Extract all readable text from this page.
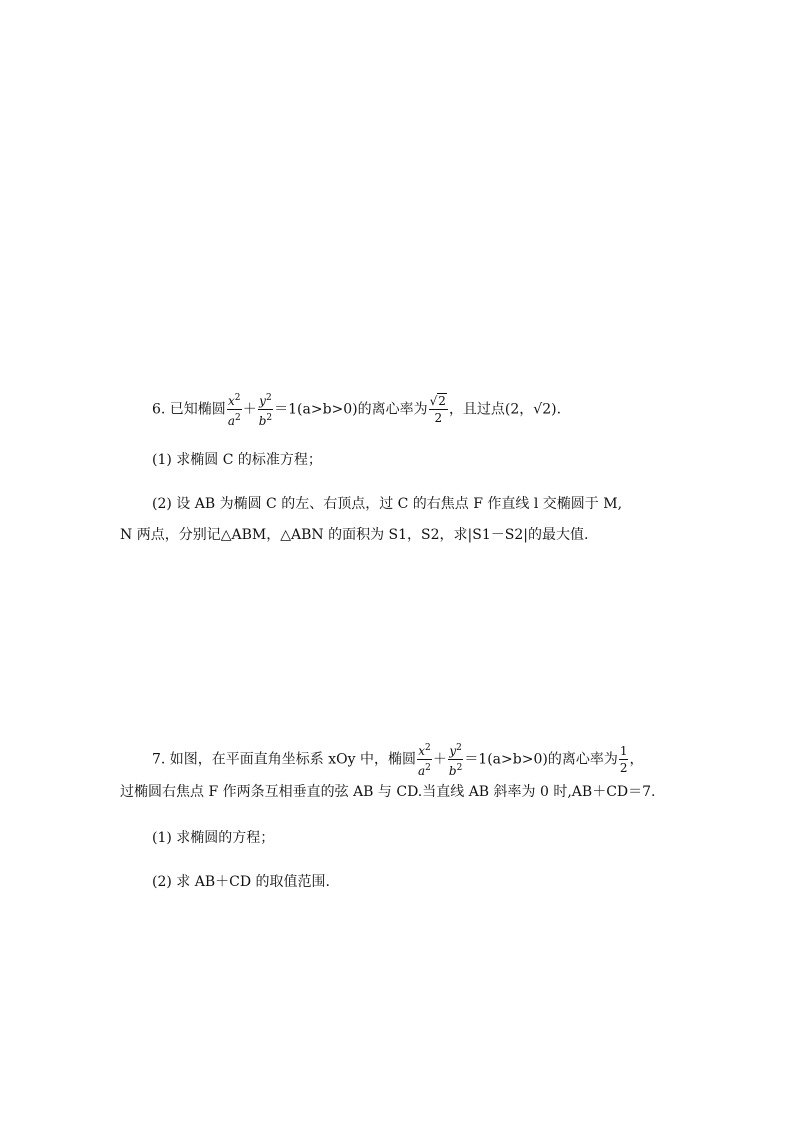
6. 已知椭圆 $\frac{x^2}{a^2} + \frac{y^2}{b^2} =1(a>b>0)$的离心率为 $\frac{√2}{2}$ ，且过点(2，√2).
(1) 求椭圆 C 的标准方程；
(2) 设 AB 为椭圆 C 的左、右顶点，过 C 的右焦点 F 作直线 l 交椭圆于 M,
N 两点，分别记△ABM，△ABN 的面积为 S1，S2，求|S1－S2|的最大值.
7. 如图，在平面直角坐标系 xOy 中，椭圆 $\frac{x^2}{a^2} + \frac{y^2}{b^2} =1(a>b>0)$的离心率为 $\frac{1}{2}$ ，
过椭圆右焦点 F 作两条互相垂直的弦 AB 与 CD.当直线 AB 斜率为 0 时,AB＋CD＝7.
(1) 求椭圆的方程；
(2) 求 AB＋CD 的取值范围.
